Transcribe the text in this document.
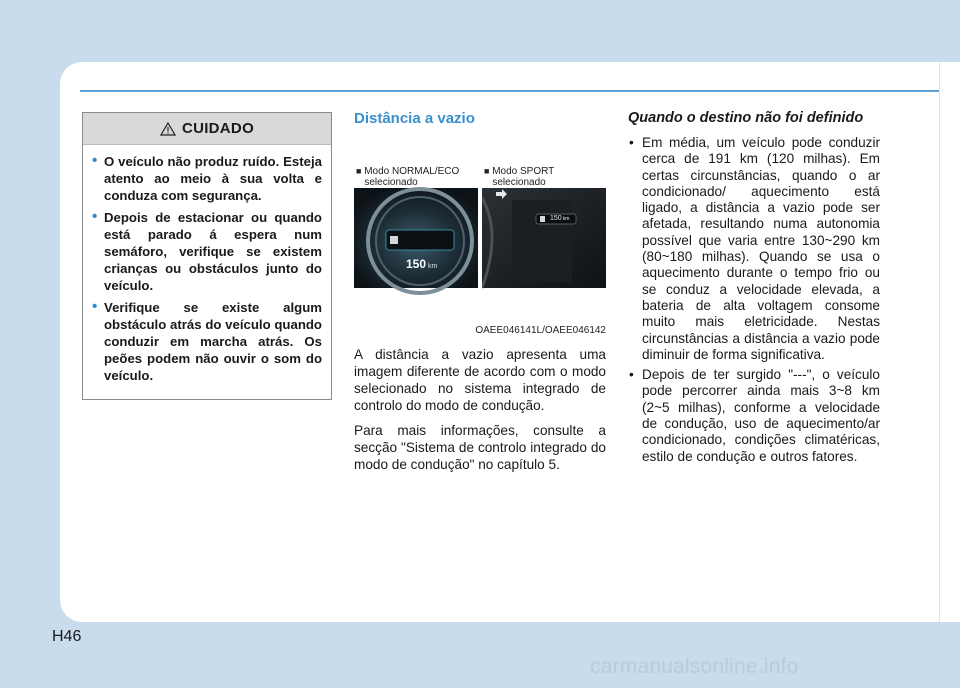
CUIDADO
• O veículo não produz ruído. Esteja atento ao meio à sua volta e conduza com segurança.
• Depois de estacionar ou quando está parado á espera num semáforo, verifique se existem crianças ou obstáculos junto do veículo.
• Verifique se existe algum obstáculo atrás do veículo quando conduzir em marcha atrás. Os peões podem não ouvir o som do veículo.
Distância a vazio
■ Modo NORMAL/ECO
selecionado
150 km
■ Modo SPORT
selecionado
150km
OAEE046141L/OAEE046142

A distância a vazio apresenta uma imagem diferente de acordo com o modo selecionado no sistema integrado de controlo do modo de condução.

Para mais informações, consulte a secção "Sistema de controlo integrado do modo de condução" no capítulo 5.

Quando o destino não foi definido
• Em média, um veículo pode conduzir cerca de 191 km (120 milhas). Em certas circunstâncias, quando o ar condicionado/ aquecimento está ligado, a distância a vazio pode ser afetada, resultando numa autonomia possível que varia entre 130~290 km (80~180 milhas). Quando se usa o aquecimento durante o tempo frio ou se conduz a velocidade elevada, a bateria de alta voltagem consome muito mais eletricidade. Nestas circunstâncias a distância a vazio pode diminuir de forma significativa.
• Depois de ter surgido "---", o veículo pode percorrer ainda mais 3~8 km (2~5 milhas), conforme a velocidade de condução, uso de aquecimento/ar condicionado, condições climatéricas, estilo de condução e outros fatores.
H46
carmanualsonline.info
